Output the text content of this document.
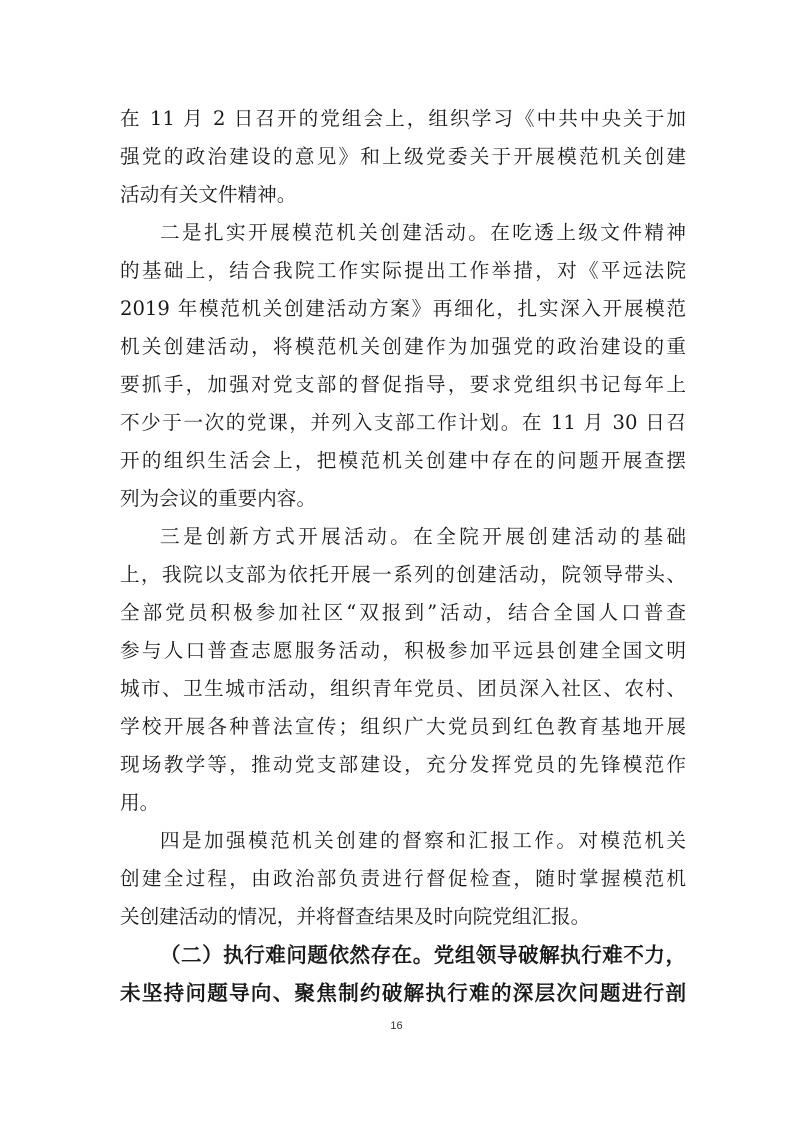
在 11 月 2 日召开的党组会上，组织学习《中共中央关于加
强党的政治建设的意见》和上级党委关于开展模范机关创建
活动有关文件精神。
二是扎实开展模范机关创建活动。在吃透上级文件精神
的基础上，结合我院工作实际提出工作举措，对《平远法院
2019 年模范机关创建活动方案》再细化，扎实深入开展模范
机关创建活动，将模范机关创建作为加强党的政治建设的重
要抓手，加强对党支部的督促指导，要求党组织书记每年上
不少于一次的党课，并列入支部工作计划。在 11 月 30 日召
开的组织生活会上，把模范机关创建中存在的问题开展查摆
列为会议的重要内容。
三是创新方式开展活动。在全院开展创建活动的基础
上，我院以支部为依托开展一系列的创建活动，院领导带头、
全部党员积极参加社区“双报到”活动，结合全国人口普查
参与人口普查志愿服务活动，积极参加平远县创建全国文明
城市、卫生城市活动，组织青年党员、团员深入社区、农村、
学校开展各种普法宣传；组织广大党员到红色教育基地开展
现场教学等，推动党支部建设，充分发挥党员的先锋模范作
用。
四是加强模范机关创建的督察和汇报工作。对模范机关
创建全过程，由政治部负责进行督促检查，随时掌握模范机
关创建活动的情况，并将督查结果及时向院党组汇报。
（二）执行难问题依然存在。党组领导破解执行难不力，
未坚持问题导向、聚焦制约破解执行难的深层次问题进行剖
16
